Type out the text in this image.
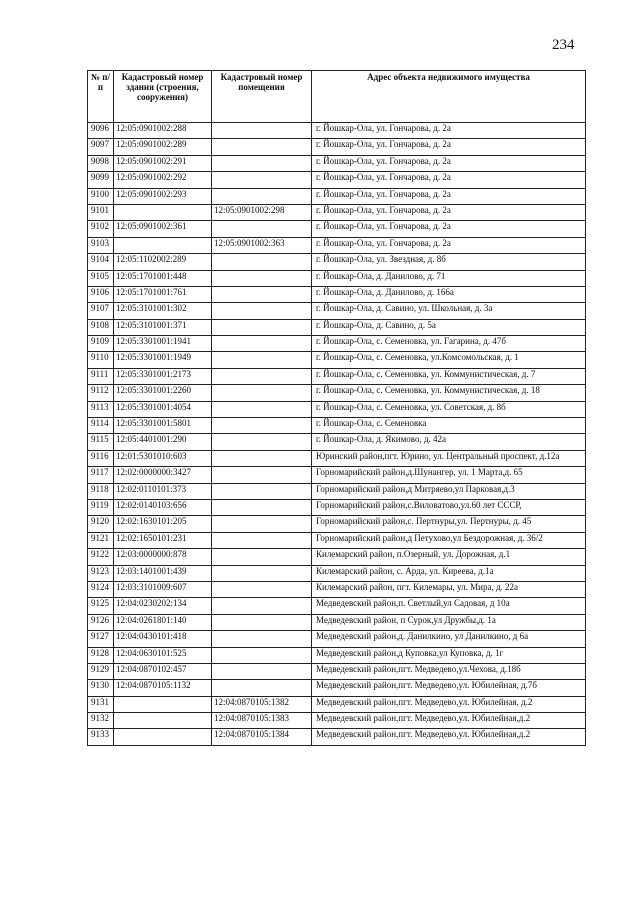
234
№ п/п	Кадастровый номер здания (строения, сооружения)	Кадастровый номер помещения	Адрес объекта недвижимого имущества
9096	12:05:0901002:288		г. Йошкар-Ола, ул. Гончарова, д. 2а
9097	12:05:0901002:289		г. Йошкар-Ола, ул. Гончарова, д. 2а
9098	12:05:0901002:291		г. Йошкар-Ола, ул. Гончарова, д. 2а
9099	12:05:0901002:292		г. Йошкар-Ола, ул. Гончарова, д. 2а
9100	12:05:0901002:293		г. Йошкар-Ола, ул. Гончарова, д. 2а
9101		12:05:0901002:298	г. Йошкар-Ола, ул. Гончарова, д. 2а
9102	12:05:0901002:361		г. Йошкар-Ола, ул. Гончарова, д. 2а
9103		12:05:0901002:363	г. Йошкар-Ола, ул. Гончарова, д. 2а
9104	12:05:1102002:289		г. Йошкар-Ола, ул. Звездная, д. 8б
9105	12:05:1701001:448		г. Йошкар-Ола, д. Данилово, д. 71
9106	12:05:1701001:761		г. Йошкар-Ола, д. Данилово, д. 166а
9107	12:05:3101001:302		г. Йошкар-Ола, д. Савино, ул. Школьная, д. 3а
9108	12:05:3101001:371		г. Йошкар-Ола, д. Савино, д. 5а
9109	12:05:3301001:1941		г. Йошкар-Ола, с. Семеновка, ул. Гагарина, д. 47б
9110	12:05:3301001:1949		г. Йошкар-Ола, с. Семеновка, ул.Комсомольская, д. 1
9111	12:05:3301001:2173		г. Йошкар-Ола, с. Семеновка, ул. Коммунистическая, д. 7
9112	12:05:3301001:2260		г. Йошкар-Ола, с. Семеновка, ул. Коммунистическая, д. 18
9113	12:05:3301001:4054		г. Йошкар-Ола, с. Семеновка, ул. Советская, д. 8б
9114	12:05:3301001:5801		г. Йошкар-Ола, с. Семеновка
9115	12:05:4401001:290		г. Йошкар-Ола, д. Якимово, д. 42а
9116	12:01:5301010:603		Юринский район,пгт. Юрино, ул. Центральный проспект, д.12а
9117	12:02:0000000:3427		Горномарийский район,д.Шунангер, ул. 1 Марта,д. 65
9118	12:02:0110101:373		Горномарийский район,д Митряево,ул Парковая,д.3
9119	12:02:0140103:656		Горномарийский район,с.Виловатово,ул.60 лет СССР,
9120	12:02:1630101:205		Горномарийский район,с. Пертнуры,ул. Пертнуры, д. 45
9121	12:02:1650101:231		Горномарийский район,д Петухово,ул Бездорожная, д. 36/2
9122	12:03:0000000:878		Килемарский район, п.Озерный, ул. Дорожная, д.1
9123	12:03:1401001:439		Килемарский район, с. Арда, ул. Киреева, д.1а
9124	12:03:3101009:607		Килемарский район, пгт. Килемары, ул. Мира, д. 22а
9125	12:04:0230202:134		Медведевский район,п. Светлый,ул Садовая, д 10а
9126	12:04:0261801:140		Медведевский район, п Сурок,ул Дружбы,д. 1а
9127	12:04:0430101:418		Медведевский район,д. Данилкино, ул Данилкино, д 6а
9128	12:04:0630101:525		Медведевский район,д Куповка,ул Куповка, д. 1г
9129	12:04:0870102:457		Медведевский район,пгт. Медведево,ул.Чехова, д.18б
9130	12:04:0870105:1132		Медведевский район,пгт. Медведево,ул. Юбилейная, д.7б
9131		12:04:0870105:1382	Медведевский район,пгт. Медведево,ул. Юбилейная, д.2
9132		12:04:0870105:1383	Медведевский район,пгт. Медведево,ул. Юбилейная,д.2
9133		12:04:0870105:1384	Медведевский район,пгт. Медведево,ул. Юбилейная,д.2
